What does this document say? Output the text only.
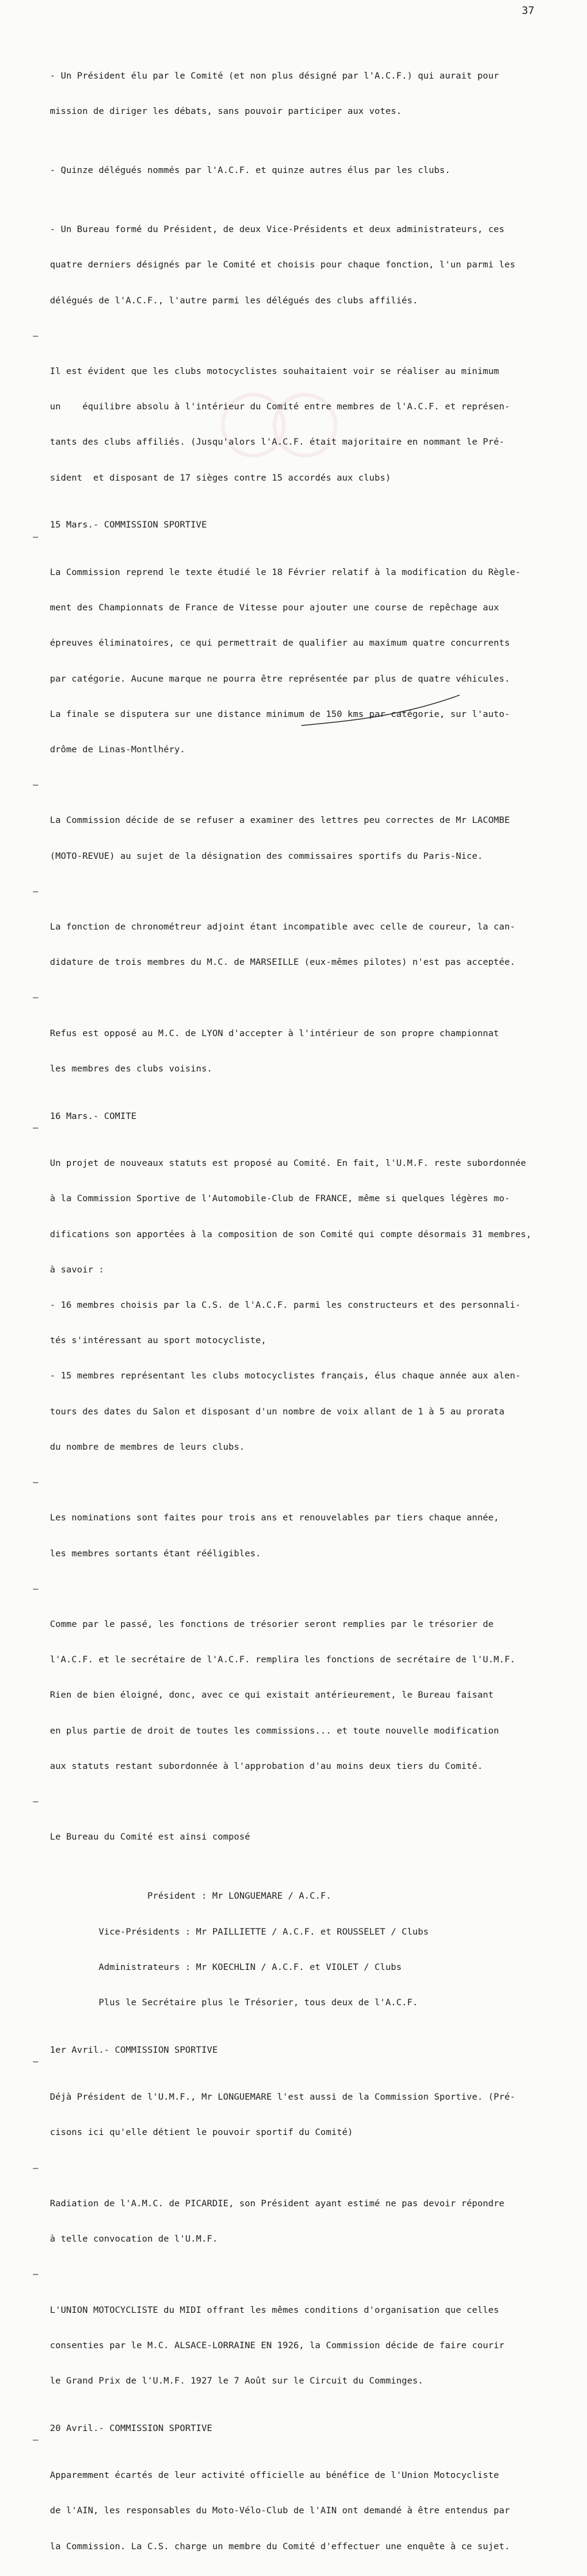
37

- Un Président élu par le Comité (et non plus désigné par l'A.C.F.) qui aurait pour

mission de diriger les débats, sans pouvoir participer aux votes.

- Quinze délégués nommés par l'A.C.F. et quinze autres élus par les clubs.

- Un Bureau formé du Président, de deux Vice-Présidents et deux administrateurs, ces

quatre derniers désignés par le Comité et choisis pour chaque fonction, l'un parmi les

délégués de l'A.C.F., l'autre parmi les délégués des clubs affiliés.

–

Il est évident que les clubs motocyclistes souhaitaient voir se réaliser au minimum

un    équilibre absolu à l'intérieur du Comité entre membres de l'A.C.F. et représen-

tants des clubs affiliés. (Jusqu'alors l'A.C.F. était majoritaire en nommant le Pré-

sident  et disposant de 17 sièges contre 15 accordés aux clubs)

15 Mars.- COMMISSION SPORTIVE

–

La Commission reprend le texte étudié le 18 Février relatif à la modification du Règle-

ment des Championnats de France de Vitesse pour ajouter une course de repêchage aux

épreuves éliminatoires, ce qui permettrait de qualifier au maximum quatre concurrents

par catégorie. Aucune marque ne pourra être représentée par plus de quatre véhicules.

La finale se disputera sur une distance minimum de 150 kms par catégorie, sur l'auto-

drôme de Linas-Montlhéry.

–

La Commission décide de se refuser a examiner des lettres peu correctes de Mr LACOMBE

(MOTO-REVUE) au sujet de la désignation des commissaires sportifs du Paris-Nice.

–

La fonction de chronométreur adjoint étant incompatible avec celle de coureur, la can-

didature de trois membres du M.C. de MARSEILLE (eux-mêmes pilotes) n'est pas acceptée.

–

Refus est opposé au M.C. de LYON d'accepter à l'intérieur de son propre championnat

les membres des clubs voisins.

16 Mars.- COMITE

–

Un projet de nouveaux statuts est proposé au Comité. En fait, l'U.M.F. reste subordonnée

à la Commission Sportive de l'Automobile-Club de FRANCE, même si quelques légères mo-

difications son apportées à la composition de son Comité qui compte désormais 31 membres,

à savoir :

- 16 membres choisis par la C.S. de l'A.C.F. parmi les constructeurs et des personnali-

tés s'intéressant au sport motocycliste,

- 15 membres représentant les clubs motocyclistes français, élus chaque année aux alen-

tours des dates du Salon et disposant d'un nombre de voix allant de 1 à 5 au prorata

du nombre de membres de leurs clubs.

–

Les nominations sont faites pour trois ans et renouvelables par tiers chaque année,

les membres sortants étant rééligibles.

–

Comme par le passé, les fonctions de trésorier seront remplies par le trésorier de

l'A.C.F. et le secrétaire de l'A.C.F. remplira les fonctions de secrétaire de l'U.M.F.

Rien de bien éloigné, donc, avec ce qui existait antérieurement, le Bureau faisant

en plus partie de droit de toutes les commissions... et toute nouvelle modification

aux statuts restant subordonnée à l'approbation d'au moins deux tiers du Comité.

–

Le Bureau du Comité est ainsi composé

Président : Mr LONGUEMARE / A.C.F.

Vice-Présidents : Mr PAILLIETTE / A.C.F. et ROUSSELET / Clubs

Administrateurs : Mr KOECHLIN / A.C.F. et VIOLET / Clubs

Plus le Secrétaire plus le Trésorier, tous deux de l'A.C.F.

1er Avril.- COMMISSION SPORTIVE

–

Déjà Président de l'U.M.F., Mr LONGUEMARE l'est aussi de la Commission Sportive. (Pré-

cisons ici qu'elle détient le pouvoir sportif du Comité)

–

Radiation de l'A.M.C. de PICARDIE, son Président ayant estimé ne pas devoir répondre

à telle convocation de l'U.M.F.

–

L'UNION MOTOCYCLISTE du MIDI offrant les mêmes conditions d'organisation que celles

consenties par le M.C. ALSACE-LORRAINE EN 1926, la Commission décide de faire courir

le Grand Prix de l'U.M.F. 1927 le 7 Août sur le Circuit du Comminges.

20 Avril.- COMMISSION SPORTIVE

–

Apparemment écartés de leur activité officielle au bénéfice de l'Union Motocycliste

de l'AIN, les responsables du Moto-Vélo-Club de l'AIN ont demandé à être entendus par

la Commission. La C.S. charge un membre du Comité d'effectuer une enquête à ce sujet.
